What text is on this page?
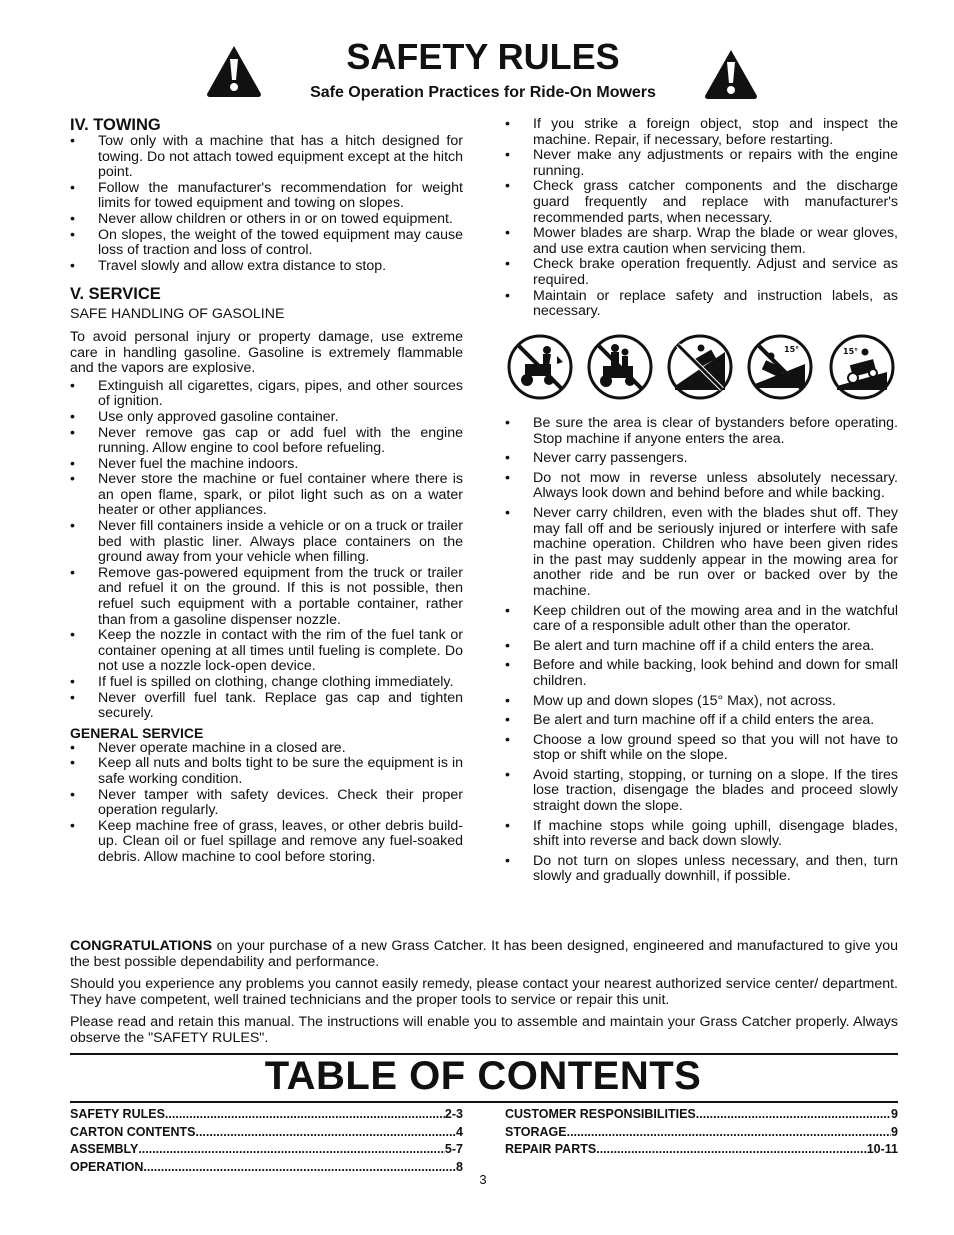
SAFETY RULES
Safe Operation Practices for Ride-On Mowers
IV. TOWING
• Tow only with a machine that has a hitch designed for towing. Do not attach towed equipment except at the hitch point.
• Follow the manufacturer's recommendation for weight limits for towed equipment and towing on slopes.
• Never allow children or others in or on towed equipment.
• On slopes, the weight of the towed equipment may cause loss of traction and loss of control.
• Travel slowly and allow extra distance to stop.
V. SERVICE

SAFE HANDLING OF GASOLINE

To avoid personal injury or property damage, use extreme care in handling gasoline. Gasoline is extremely flammable and the vapors are explosive.

• Extinguish all cigarettes, cigars, pipes, and other sources of ignition.
• Use only approved gasoline container.
• Never remove gas cap or add fuel with the engine running. Allow engine to cool before refueling.
• Never fuel the machine indoors.
• Never store the machine or fuel container where there is an open flame, spark, or pilot light such as on a water heater or other appliances.
• Never fill containers inside a vehicle or on a truck or trailer bed with plastic liner. Always place containers on the ground away from your vehicle when filling.
• Remove gas-powered equipment from the truck or trailer and refuel it on the ground. If this is not possible, then refuel such equipment with a portable container, rather than from a gasoline dispenser nozzle.
• Keep the nozzle in contact with the rim of the fuel tank or container opening at all times until fueling is complete. Do not use a nozzle lock-open device.
• If fuel is spilled on clothing, change clothing immediately.
• Never overfill fuel tank. Replace gas cap and tighten securely.
GENERAL SERVICE
• Never operate machine in a closed are.
• Keep all nuts and bolts tight to be sure the equipment is in safe working condition.
• Never tamper with safety devices. Check their proper operation regularly.
• Keep machine free of grass, leaves, or other debris build-up. Clean oil or fuel spillage and remove any fuel-soaked debris. Allow machine to cool before storing.
• If you strike a foreign object, stop and inspect the machine. Repair, if necessary, before restarting.
• Never make any adjustments or repairs with the engine running.
• Check grass catcher components and the discharge guard frequently and replace with manufacturer's recommended parts, when necessary.
• Mower blades are sharp. Wrap the blade or wear gloves, and use extra caution when servicing them.
• Check brake operation frequently. Adjust and service as required.
• Maintain or replace safety and instruction labels, as necessary.
15°	15°
• Be sure the area is clear of bystanders before operating. Stop machine if anyone enters the area.
• Never carry passengers.
• Do not mow in reverse unless absolutely necessary. Always look down and behind before and while backing.
• Never carry children, even with the blades shut off. They may fall off and be seriously injured or interfere with safe machine operation. Children who have been given rides in the past may suddenly appear in the mowing area for another ride and be run over or backed over by the machine.
• Keep children out of the mowing area and in the watchful care of a responsible adult other than the operator.
• Be alert and turn machine off if a child enters the area.
• Before and while backing, look behind and down for small children.
• Mow up and down slopes (15° Max), not across.
• Be alert and turn machine off if a child enters the area.
• Choose a low ground speed so that you will not have to stop or shift while on the slope.
• Avoid starting, stopping, or turning on a slope. If the tires lose traction, disengage the blades and proceed slowly straight down the slope.
• If machine stops while going uphill, disengage blades, shift into reverse and back down slowly.
• Do not turn on slopes unless necessary, and then, turn slowly and gradually downhill, if possible.
CONGRATULATIONS on your purchase of a new Grass Catcher. It has been designed, engineered and manufactured to give you the best possible dependability and performance.
Should you experience any problems you cannot easily remedy, please contact your nearest authorized service center/ department. They have competent, well trained technicians and the proper tools to service or repair this unit.
Please read and retain this manual. The instructions will enable you to assemble and maintain your Grass Catcher properly. Always observe the "SAFETY RULES".
TABLE OF CONTENTS
SAFETY RULES .....	2-3
CARTON CONTENTS .....	4
ASSEMBLY .....	5-7
OPERATION .....	8
CUSTOMER RESPONSIBILITIES .....	9
STORAGE .....	9
REPAIR PARTS .....	10-11
3
